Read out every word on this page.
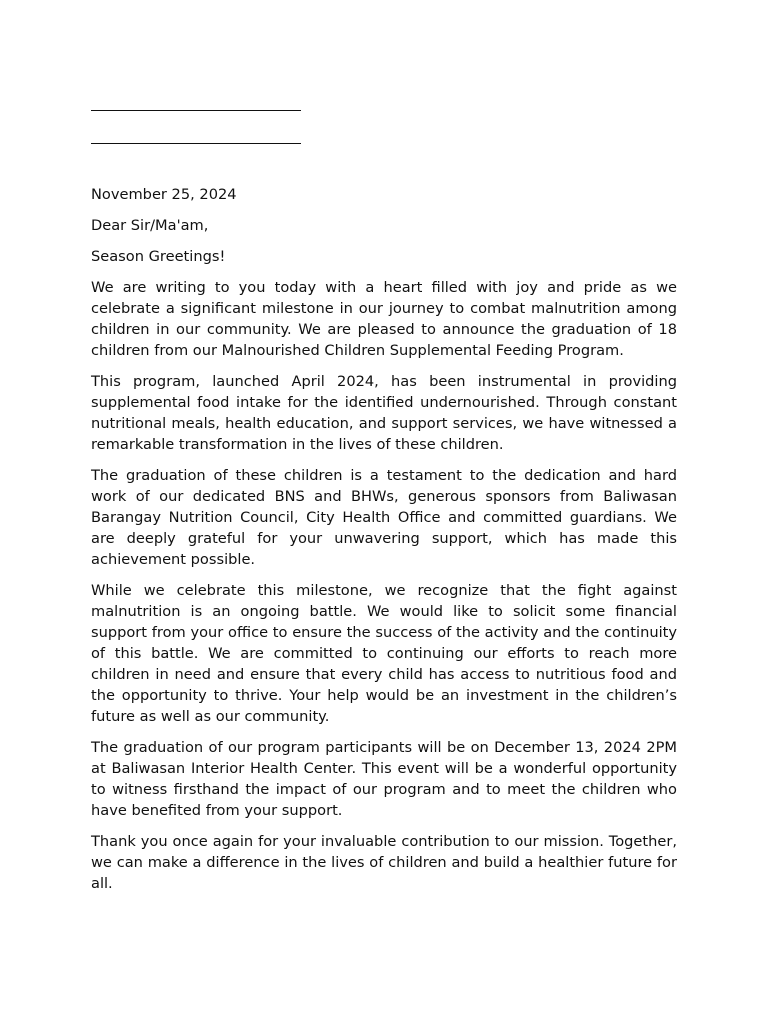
November 25, 2024

Dear Sir/Ma'am,

Season Greetings!

We are writing to you today with a heart filled with joy and pride as we celebrate a significant milestone in our journey to combat malnutrition among children in our community. We are pleased to announce the graduation of 18 children from our Malnourished Children Supplemental Feeding Program.

This program, launched April 2024, has been instrumental in providing supplemental food intake for the identified undernourished. Through constant nutritional meals, health education, and support services, we have witnessed a remarkable transformation in the lives of these children.

The graduation of these children is a testament to the dedication and hard work of our dedicated BNS and BHWs, generous sponsors from Baliwasan Barangay Nutrition Council, City Health Office and committed guardians. We are deeply grateful for your unwavering support, which has made this achievement possible.

While we celebrate this milestone, we recognize that the fight against malnutrition is an ongoing battle. We would like to solicit some financial support from your office to ensure the success of the activity and the continuity of this battle. We are committed to continuing our efforts to reach more children in need and ensure that every child has access to nutritious food and the opportunity to thrive. Your help would be an investment in the children’s future as well as our community.

The graduation of our program participants will be on December 13, 2024 2PM at Baliwasan Interior Health Center. This event will be a wonderful opportunity to witness firsthand the impact of our program and to meet the children who have benefited from your support.

Thank you once again for your invaluable contribution to our mission. Together, we can make a difference in the lives of children and build a healthier future for all.
